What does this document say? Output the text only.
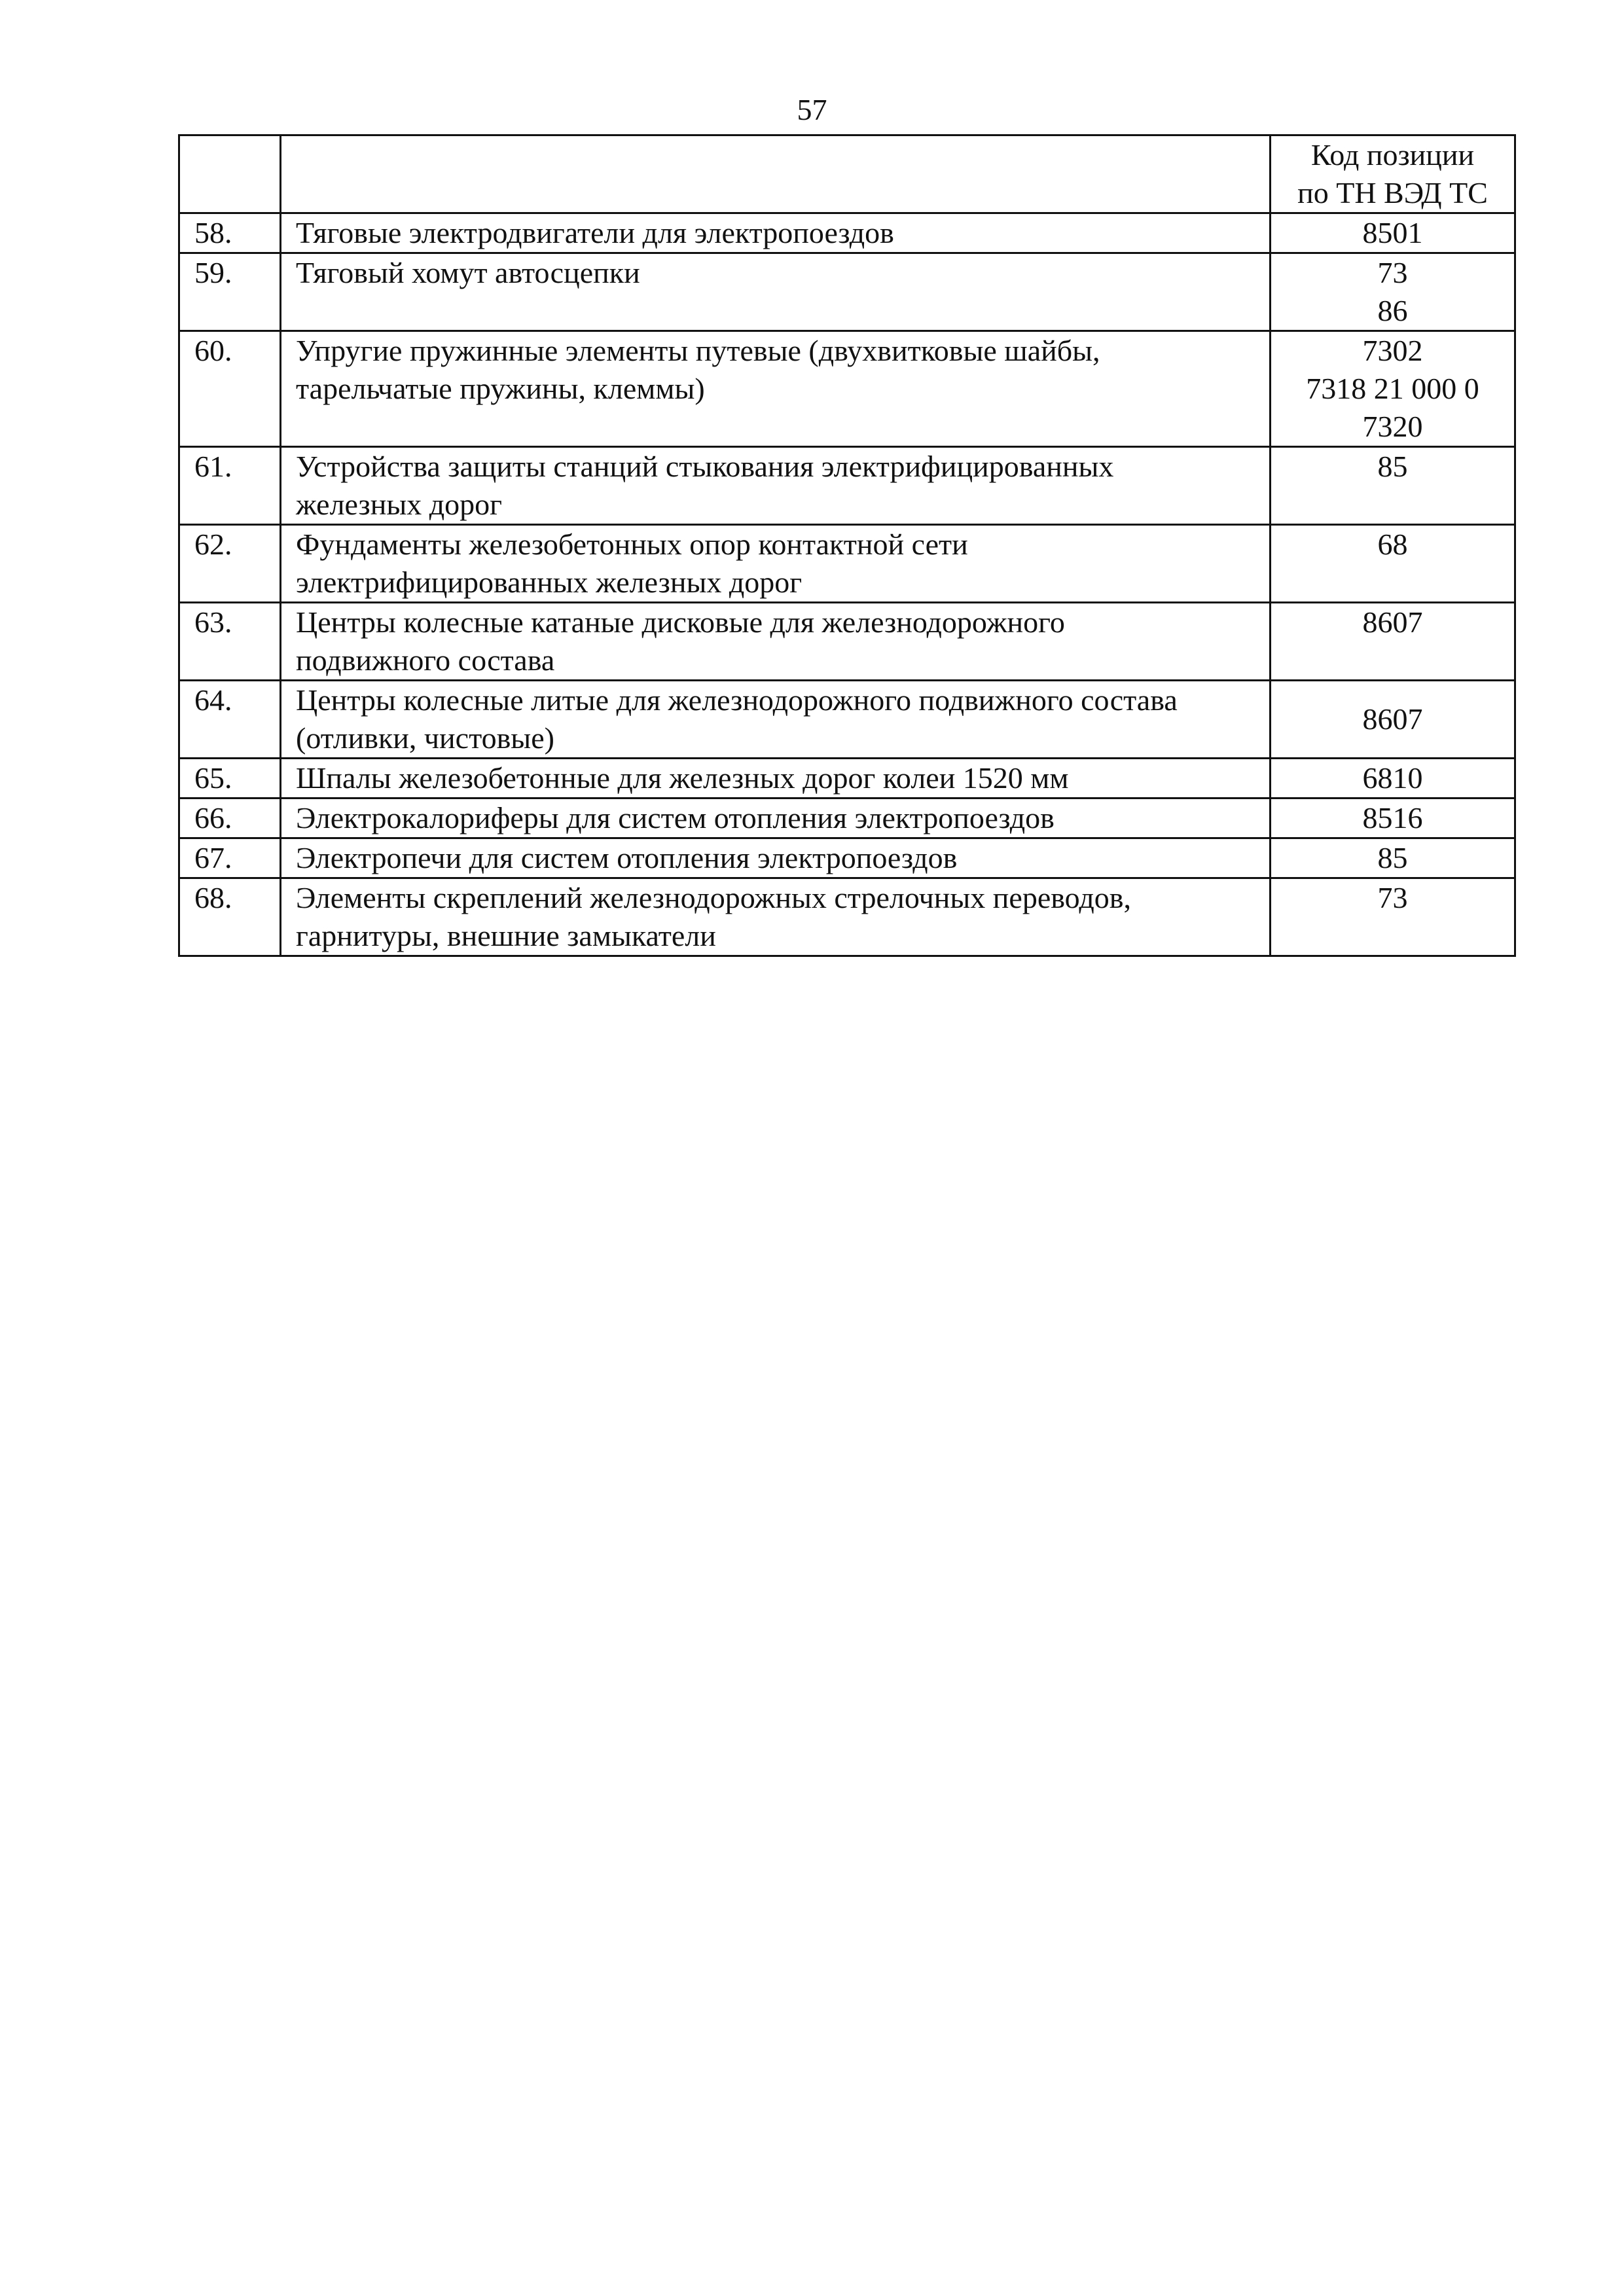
57

		Код позиции
по ТН ВЭД ТС

58.	Тяговые электродвигатели для электропоездов	8501

59.	Тяговый хомут автосцепки	73
86

60.	Упругие пружинные элементы путевые (двухвитковые шайбы,
тарельчатые пружины, клеммы)	7302
7318 21 000 0
7320

61.	Устройства защиты станций стыкования электрифицированных
железных дорог	85

62.	Фундаменты железобетонных опор контактной сети
электрифицированных железных дорог	68

63.	Центры колесные катаные дисковые для железнодорожного
подвижного состава	8607

64.	Центры колесные литые для железнодорожного подвижного состава
(отливки, чистовые)	8607

65.	Шпалы железобетонные для железных дорог колеи 1520 мм	6810

66.	Электрокалориферы для систем отопления электропоездов	8516

67.	Электропечи для систем отопления электропоездов	85

68.	Элементы скреплений железнодорожных стрелочных переводов,
гарнитуры, внешние замыкатели	73
